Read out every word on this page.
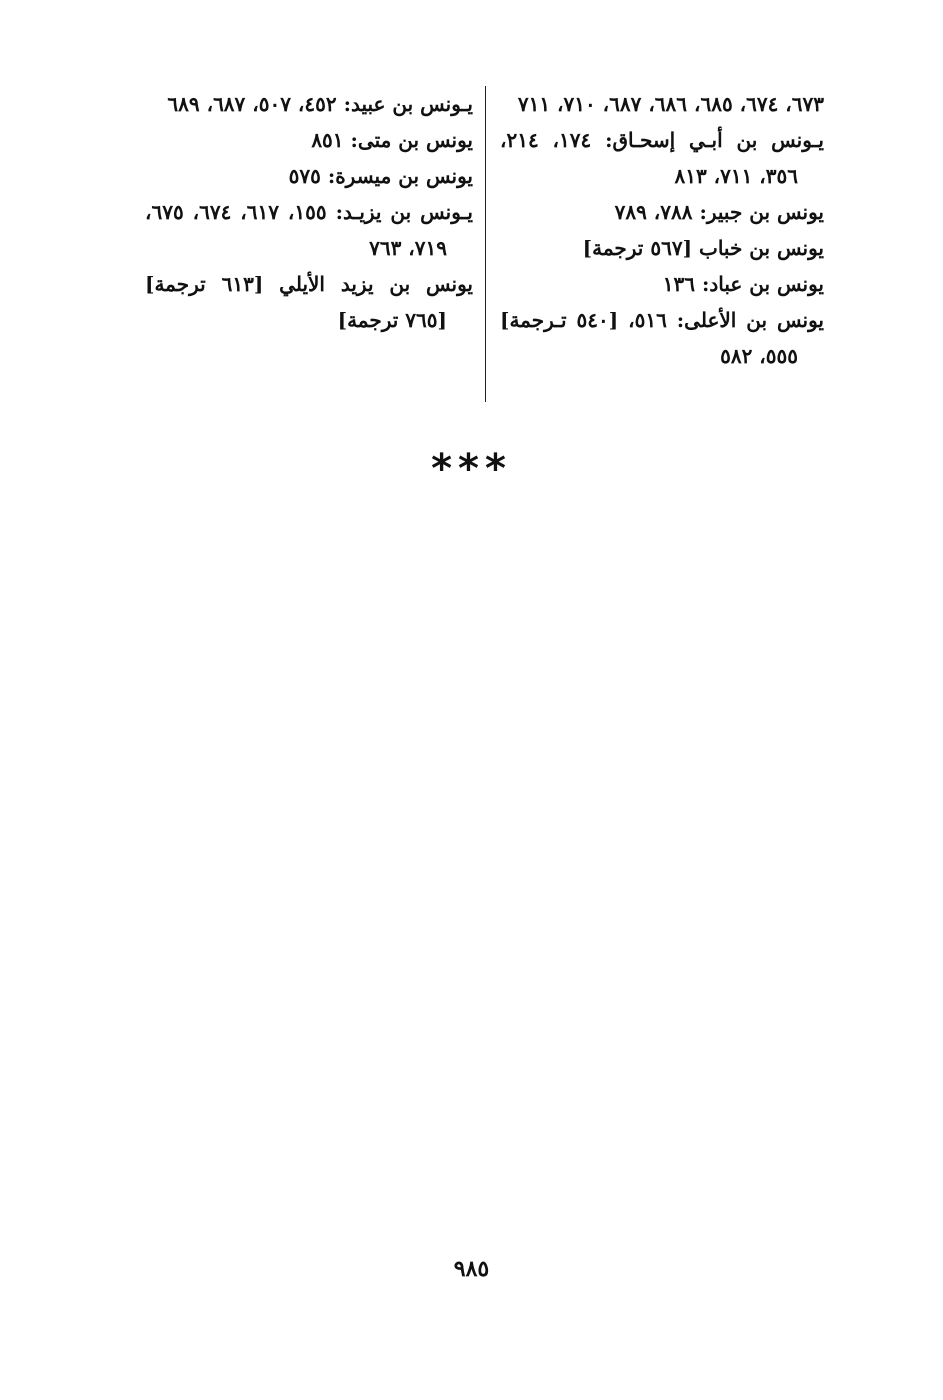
٦٧٣، ٦٧٤، ٦٨٥، ٦٨٦، ٦٨٧، ٧١٠، ٧١١

يـونس بن أبـي إسحـاق: ١٧٤، ٢١٤، ٣٥٦، ٧١١، ٨١٣

يونس بن جبير: ٧٨٨، ٧٨٩

يونس بن خباب [٥٦٧ ترجمة]

يونس بن عباد: ١٣٦

يونس بن الأعلى: ٥١٦، [٥٤٠ تـرجمة] ٥٥٥، ٥٨٢

يـونس بن عبيد: ٤٥٢، ٥٠٧، ٦٨٧، ٦٨٩

يونس بن متى: ٨٥١

يونس بن ميسرة: ٥٧٥

يـونس بن يزيـد: ١٥٥، ٦١٧، ٦٧٤، ٦٧٥، ٧١٩، ٧٦٣

يونس بن يزيد الأيلي [٦١٣ ترجمة] [٧٦٥ ترجمة]

***
٩٨٥
